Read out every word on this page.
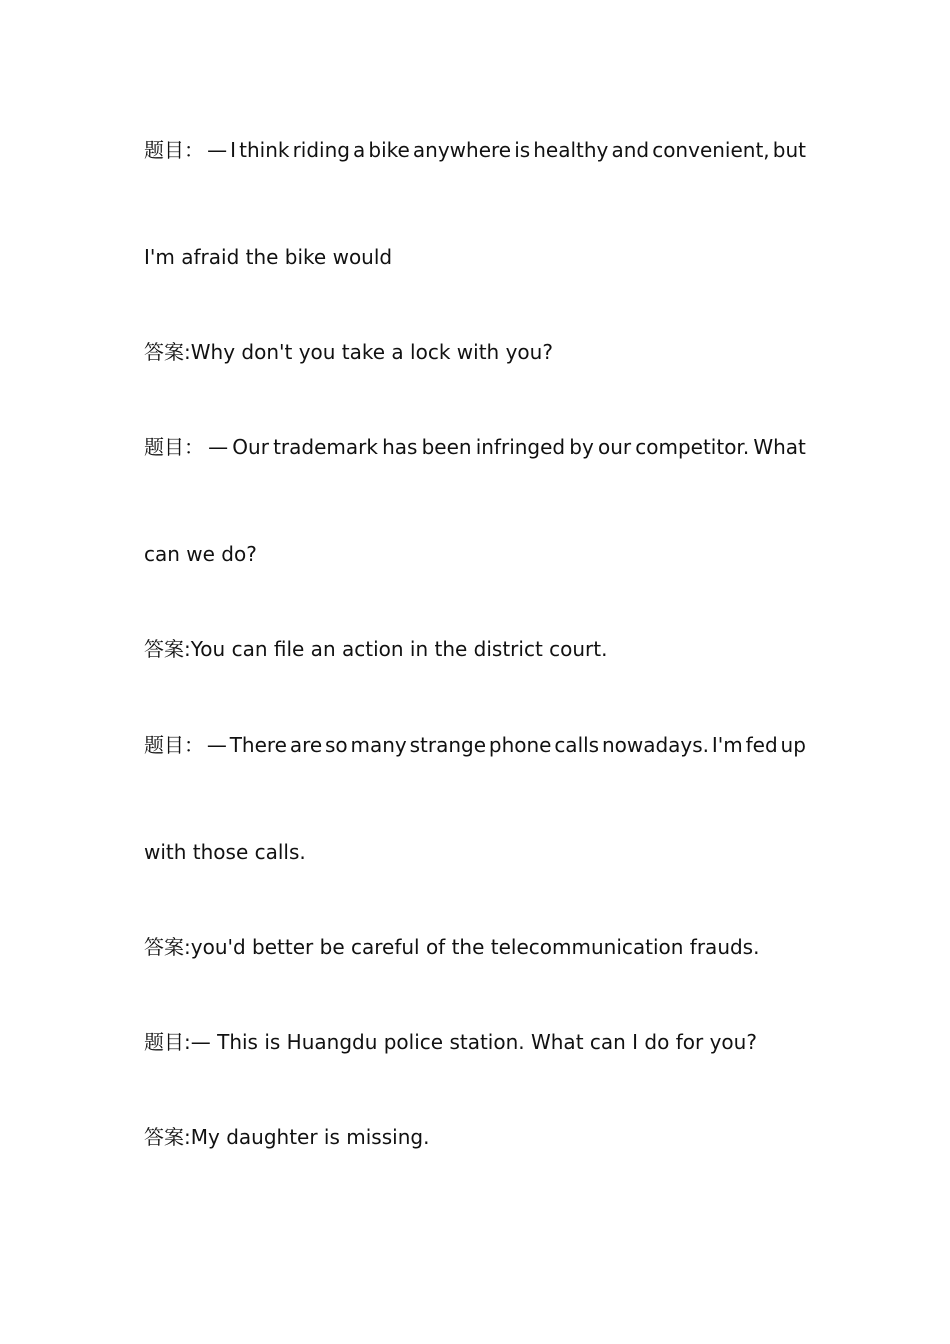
题目： — I think riding a bike anywhere is healthy and convenient, but
I'm afraid the bike would
答案:Why don't you take a lock with you?
题目： — Our trademark has been infringed by our competitor. What
can we do?
答案:You can file an action in the district court.
题目： — There are so many strange phone calls nowadays. I'm fed up
with those calls.
答案:you'd better be careful of the telecommunication frauds.
题目:— This is Huangdu police station. What can I do for you?
答案:My daughter is missing.
